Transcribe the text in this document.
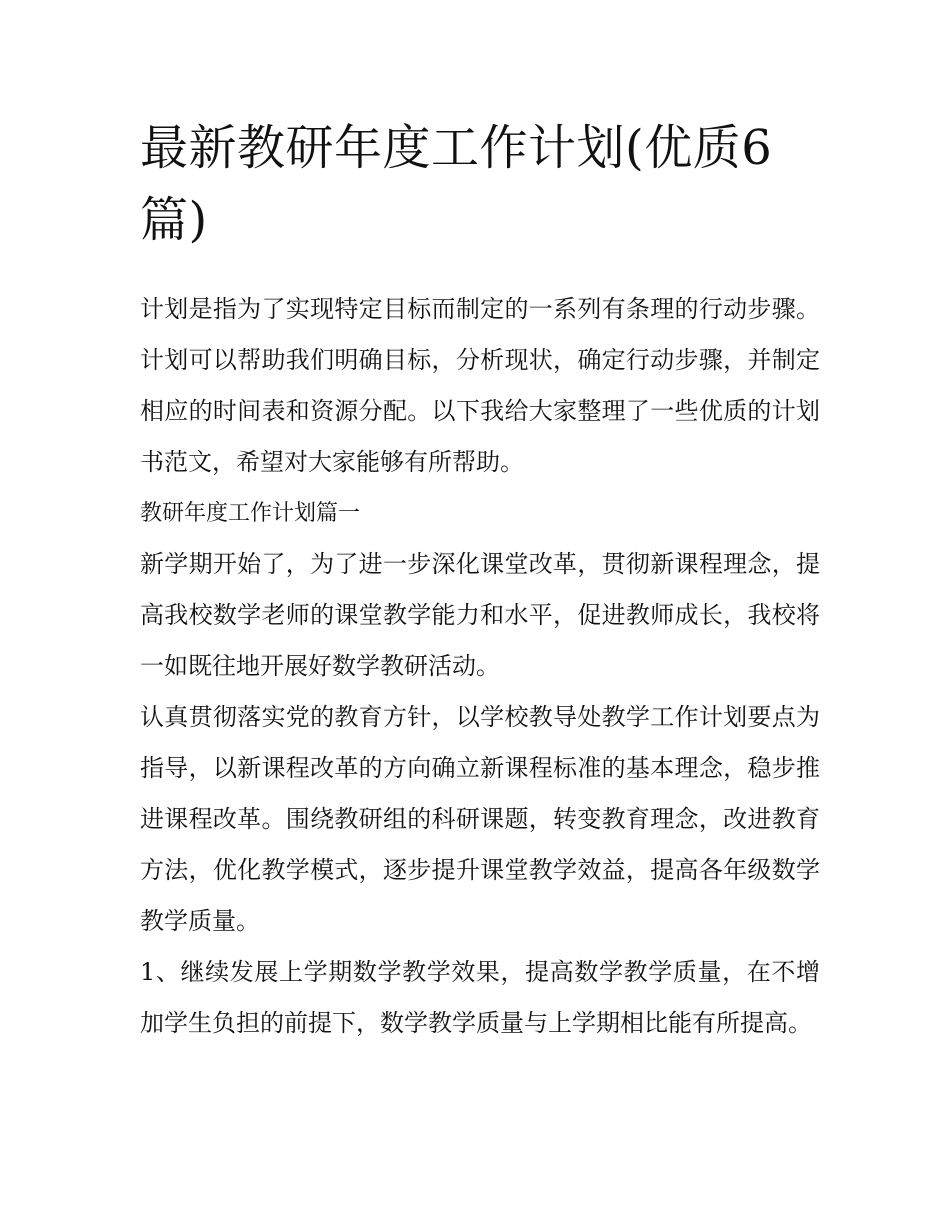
最新教研年度工作计划(优质6篇)

计划是指为了实现特定目标而制定的一系列有条理的行动步骤。计划可以帮助我们明确目标，分析现状，确定行动步骤，并制定相应的时间表和资源分配。以下我给大家整理了一些优质的计划书范文，希望对大家能够有所帮助。

教研年度工作计划篇一

新学期开始了，为了进一步深化课堂改革，贯彻新课程理念，提高我校数学老师的课堂教学能力和水平，促进教师成长，我校将一如既往地开展好数学教研活动。

认真贯彻落实党的教育方针，以学校教导处教学工作计划要点为指导，以新课程改革的方向确立新课程标准的基本理念，稳步推进课程改革。围绕教研组的科研课题，转变教育理念，改进教育方法，优化教学模式，逐步提升课堂教学效益，提高各年级数学教学质量。

1、继续发展上学期数学教学效果，提高数学教学质量，在不增加学生负担的前提下，数学教学质量与上学期相比能有所提高。
